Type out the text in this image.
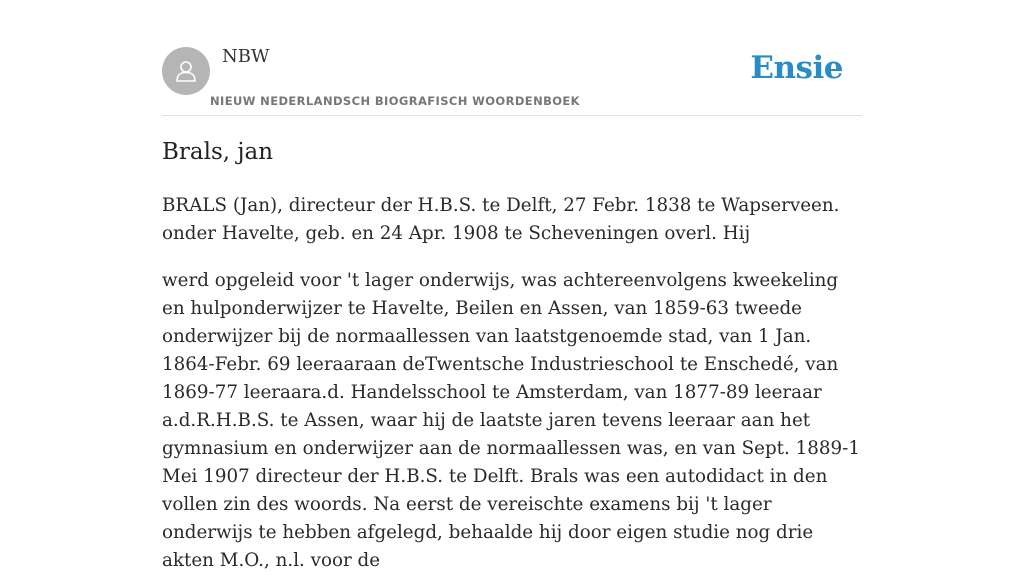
NBW
NIEUW NEDERLANDSCH BIOGRAFISCH WOORDENBOEK
Ensie
Brals, jan

BRALS (Jan), directeur der H.B.S. te Delft, 27 Febr. 1838 te Wapserveen. onder Havelte, geb. en 24 Apr. 1908 te Scheveningen overl. Hij

werd opgeleid voor 't lager onderwijs, was achtereenvolgens kweekeling en hulponderwijzer te Havelte, Beilen en Assen, van 1859-63 tweede onderwijzer bij de normaallessen van laatstgenoemde stad, van 1 Jan. 1864-Febr. 69 leeraaraan deTwentsche Industrieschool te Enschedé, van 1869-77 leeraara.d. Handelsschool te Amsterdam, van 1877-89 leeraar a.d.R.H.B.S. te Assen, waar hij de laatste jaren tevens leeraar aan het gymnasium en onderwijzer aan de normaallessen was, en van Sept. 1889-1 Mei 1907 directeur der H.B.S. te Delft. Brals was een autodidact in den vollen zin des woords. Na eerst de vereischte examens bij 't lager onderwijs te hebben afgelegd, behaalde hij door eigen studie nog drie akten M.O., n.l. voor de
